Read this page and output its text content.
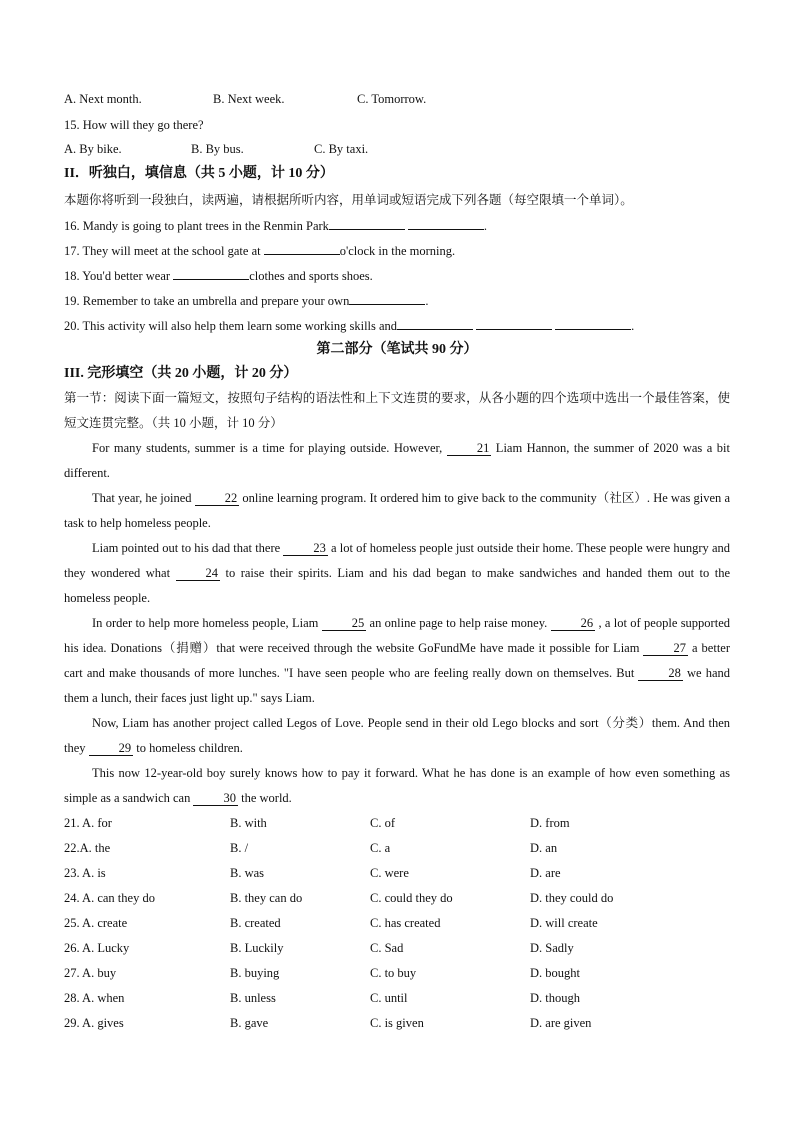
A. Next month.	B. Next week.	C. Tomorrow.
15. How will they go there?
A. By bike.	B. By bus.	C. By taxi.
II．听独白，填信息（共 5 小题，计 10 分）
本题你将听到一段独白，读两遍，请根据所听内容，用单词或短语完成下列各题（每空限填一个单词）。
16. Mandy is going to plant trees in the Renmin Park	.
17. They will meet at the school gate at	o'clock in the morning.
18. You'd better wear	clothes and sports shoes.
19. Remember to take an umbrella and prepare your own	.
20. This activity will also help them learn some working skills and	.
第二部分（笔试共 90 分）
III. 完形填空（共 20 小题，计 20 分）
第一节：阅读下面一篇短文，按照句子结构的语法性和上下文连贯的要求，从各小题的四个选项中选出一个最佳答案，使短文连贯完整。（共 10 小题，计 10 分）

For many students, summer is a time for playing outside. However, 21 Liam Hannon, the summer of 2020 was a bit different.

That year, he joined 22 online learning program. It ordered him to give back to the community（社区）. He was given a task to help homeless people.

Liam pointed out to his dad that there 23 a lot of homeless people just outside their home. These people were hungry and they wondered what 24 to raise their spirits. Liam and his dad began to make sandwiches and handed them out to the homeless people.

In order to help more homeless people, Liam 25 an online page to help raise money. 26 , a lot of people supported his idea. Donations（捐赠）that were received through the website GoFundMe have made it possible for Liam 27 a better cart and make thousands of more lunches. "I have seen people who are feeling really down on themselves. But 28 we hand them a lunch, their faces just light up." says Liam.

Now, Liam has another project called Legos of Love. People send in their old Lego blocks and sort（分类）them. And then they 29 to homeless children.

This now 12-year-old boy surely knows how to pay it forward. What he has done is an example of how even something as simple as a sandwich can 30 the world.

21. A. for	B. with	C. of	D. from
22.A. the	B. /	C. a	D. an
23. A. is	B. was	C. were	D. are
24. A. can they do	B. they can do	C. could they do	D. they could do
25. A. create	B. created	C. has created	D. will create
26. A. Lucky	B. Luckily	C. Sad	D. Sadly
27. A. buy	B. buying	C. to buy	D. bought
28. A. when	B. unless	C. until	D. though
29. A. gives	B. gave	C. is given	D. are given
